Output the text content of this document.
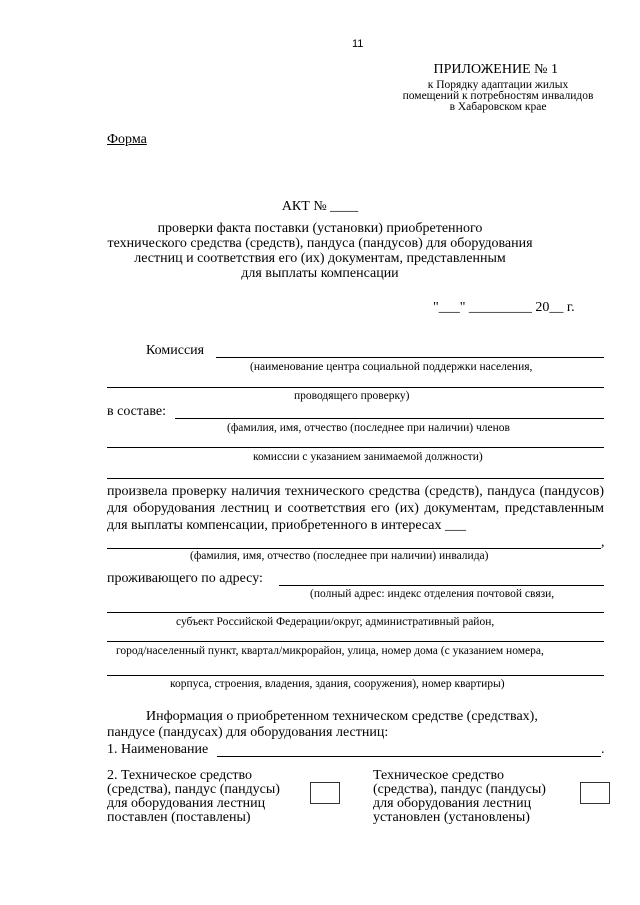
11
ПРИЛОЖЕНИЕ № 1
к Порядку адаптации жилых
помещений к потребностям инвалидов
в Хабаровском крае
Форма
АКТ № ____
проверки факта поставки (установки) приобретенного
технического средства (средств), пандуса (пандусов) для оборудования
лестниц и соответствия его (их) документам, представленным
для выплаты компенсации
"___" _________ 20__ г.
Комиссия
(наименование центра социальной поддержки населения,
проводящего проверку)
в составе:
(фамилия, имя, отчество (последнее при наличии) членов
комиссии с указанием занимаемой должности)
произвела проверку наличия технического средства (средств), пандуса (пандусов) для оборудования лестниц и соответствия его (их) документам, представленным для выплаты компенсации, приобретенного в интересах ___
,
(фамилия, имя, отчество (последнее при наличии) инвалида)
проживающего по адресу:
(полный адрес: индекс отделения почтовой связи,
субъект Российской Федерации/округ, административный район,
город/населенный пункт, квартал/микрорайон, улица, номер дома (с указанием номера,
корпуса, строения, владения, здания, сооружения), номер квартиры)
Информация о приобретенном техническом средстве (средствах),
пандусе (пандусах) для оборудования лестниц:
1. Наименование	.
2. Техническое средство
(средства), пандус (пандусы)
для оборудования лестниц
поставлен (поставлены)
Техническое средство
(средства), пандус (пандусы)
для оборудования лестниц
установлен (установлены)
